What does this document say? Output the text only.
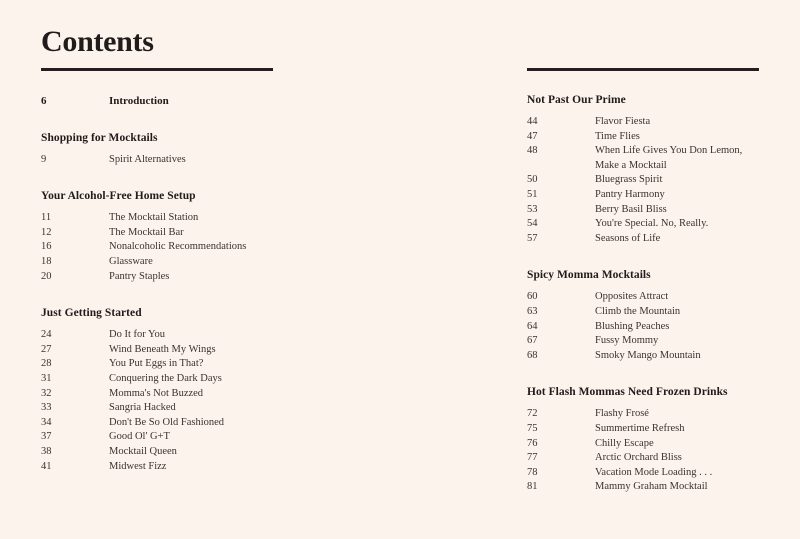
Contents
6	Introduction
Shopping for Mocktails
9	Spirit Alternatives
Your Alcohol-Free Home Setup
11	The Mocktail Station
12	The Mocktail Bar
16	Nonalcoholic Recommendations
18	Glassware
20	Pantry Staples
Just Getting Started
24	Do It for You
27	Wind Beneath My Wings
28	You Put Eggs in That?
31	Conquering the Dark Days
32	Momma's Not Buzzed
33	Sangria Hacked
34	Don't Be So Old Fashioned
37	Good Ol' G+T
38	Mocktail Queen
41	Midwest Fizz
Not Past Our Prime
44	Flavor Fiesta
47	Time Flies
48	When Life Gives You Don Lemon,
Make a Mocktail
50	Bluegrass Spirit
51	Pantry Harmony
53	Berry Basil Bliss
54	You're Special. No, Really.
57	Seasons of Life
Spicy Momma Mocktails
60	Opposites Attract
63	Climb the Mountain
64	Blushing Peaches
67	Fussy Mommy
68	Smoky Mango Mountain
Hot Flash Mommas Need Frozen Drinks
72	Flashy Frosé
75	Summertime Refresh
76	Chilly Escape
77	Arctic Orchard Bliss
78	Vacation Mode Loading . . .
81	Mammy Graham Mocktail
